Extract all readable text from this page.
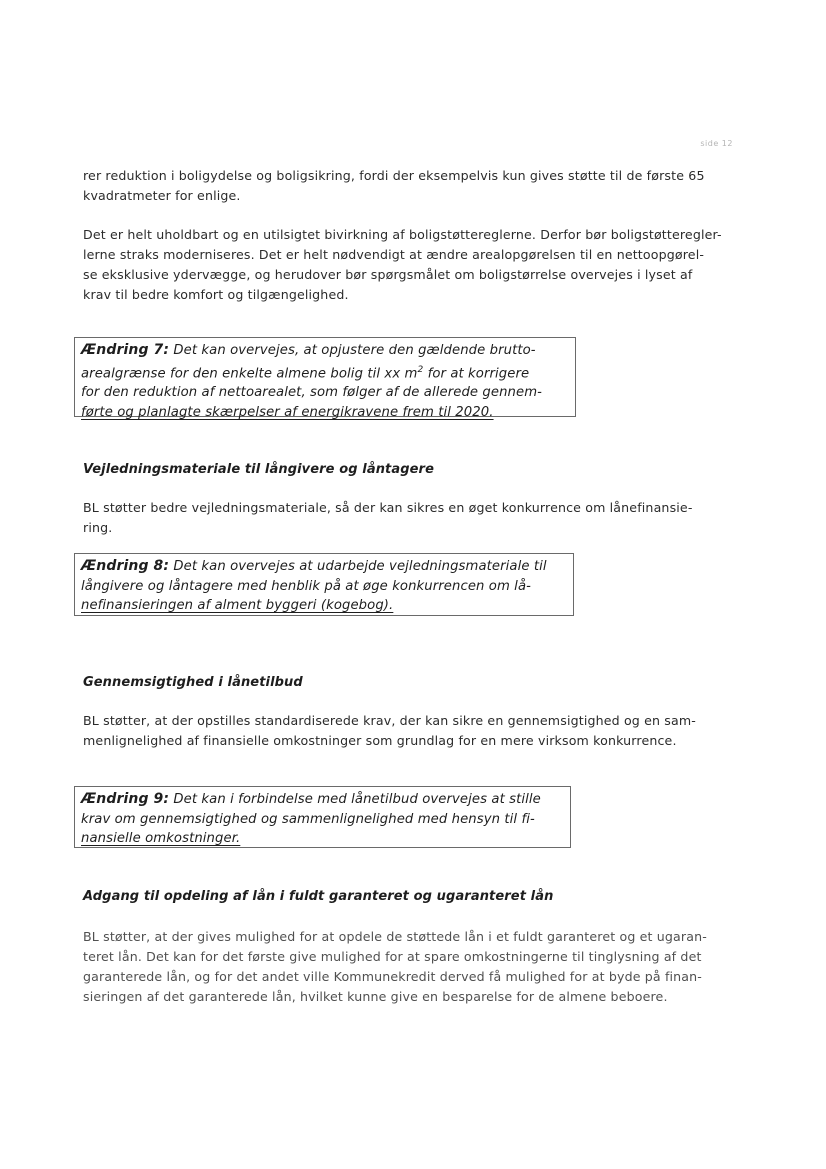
side 12

rer reduktion i boligydelse og boligsikring, fordi der eksempelvis kun gives støtte til de første 65
kvadratmeter for enlige.

Det er helt uholdbart og en utilsigtet bivirkning af boligstøttereglerne. Derfor bør boligstøtteregler-
lerne straks moderniseres. Det er helt nødvendigt at ændre arealopgørelsen til en nettoopgørel-
se eksklusive ydervægge, og herudover bør spørgsmålet om boligstørrelse overvejes i lyset af
krav til bedre komfort og tilgængelighed.

Ændring 7: Det kan overvejes, at opjustere den gældende brutto-
arealgrænse for den enkelte almene bolig til xx $m^2$ for at korrigere
for den reduktion af nettoarealet, som følger af de allerede gennem-
førte og planlagte skærpelser af energikravene frem til 2020.
Vejledningsmateriale til långivere og låntagere

BL støtter bedre vejledningsmateriale, så der kan sikres en øget konkurrence om lånefinansie-
ring.

Ændring 8: Det kan overvejes at udarbejde vejledningsmateriale til
långivere og låntagere med henblik på at øge konkurrencen om lå-
nefinansieringen af alment byggeri (kogebog).
Gennemsigtighed i lånetilbud

BL støtter, at der opstilles standardiserede krav, der kan sikre en gennemsigtighed og en sam-
menlignelighed af finansielle omkostninger som grundlag for en mere virksom konkurrence.

Ændring 9: Det kan i forbindelse med lånetilbud overvejes at stille
krav om gennemsigtighed og sammenlignelighed med hensyn til fi-
nansielle omkostninger.
Adgang til opdeling af lån i fuldt garanteret og ugaranteret lån

BL støtter, at der gives mulighed for at opdele de støttede lån i et fuldt garanteret og et ugaran-
teret lån. Det kan for det første give mulighed for at spare omkostningerne til tinglysning af det
garanterede lån, og for det andet ville Kommunekredit derved få mulighed for at byde på finan-
sieringen af det garanterede lån, hvilket kunne give en besparelse for de almene beboere.
